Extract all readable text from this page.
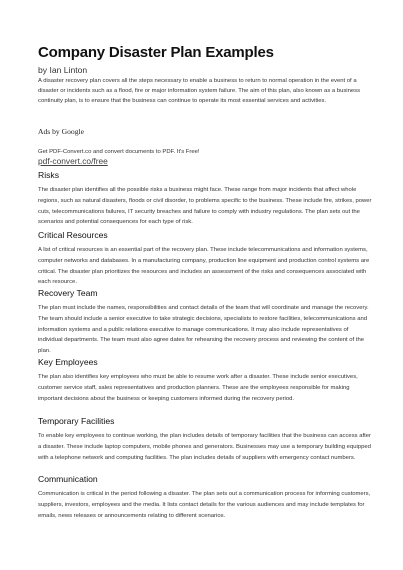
Company Disaster Plan Examples
by Ian Linton

A disaster recovery plan covers all the steps necessary to enable a business to return to normal operation in the event of a disaster or incidents such as a flood, fire or major information system failure. The aim of this plan, also known as a business continuity plan, is to ensure that the business can continue to operate its most essential services and activities.

Ads by Google
Get PDF-Convert.co and convert documents to PDF. It's Free!
pdf-convert.co/free
Risks

The disaster plan identifies all the possible risks a business might face. These range from major incidents that affect whole regions, such as natural disasters, floods or civil disorder, to problems specific to the business. These include fire, strikes, power cuts, telecommunications failures, IT security breaches and failure to comply with industry regulations. The plan sets out the scenarios and potential consequences for each type of risk.

Critical Resources

A list of critical resources is an essential part of the recovery plan. These include telecommunications and information systems, computer networks and databases. In a manufacturing company, production line equipment and production control systems are critical. The disaster plan prioritizes the resources and includes an assessment of the risks and consequences associated with each resource.

Recovery Team

The plan must include the names, responsibilities and contact details of the team that will coordinate and manage the recovery. The team should include a senior executive to take strategic decisions, specialists to restore facilities, telecommunications and information systems and a public relations executive to manage communications. It may also include representatives of individual departments. The team must also agree dates for rehearsing the recovery process and reviewing the content of the plan.

Key Employees

The plan also identifies key employees who must be able to resume work after a disaster. These include senior executives, customer service staff, sales representatives and production planners. These are the employees responsible for making important decisions about the business or keeping customers informed during the recovery period.

Temporary Facilities

To enable key employees to continue working, the plan includes details of temporary facilities that the business can access after a disaster. These include laptop computers, mobile phones and generators. Businesses may use a temporary building equipped with a telephone network and computing facilities. The plan includes details of suppliers with emergency contact numbers.

Communication

Communication is critical in the period following a disaster. The plan sets out a communication process for informing customers, suppliers, investors, employees and the media. It lists contact details for the various audiences and may include templates for emails, news releases or announcements relating to different scenarios.
